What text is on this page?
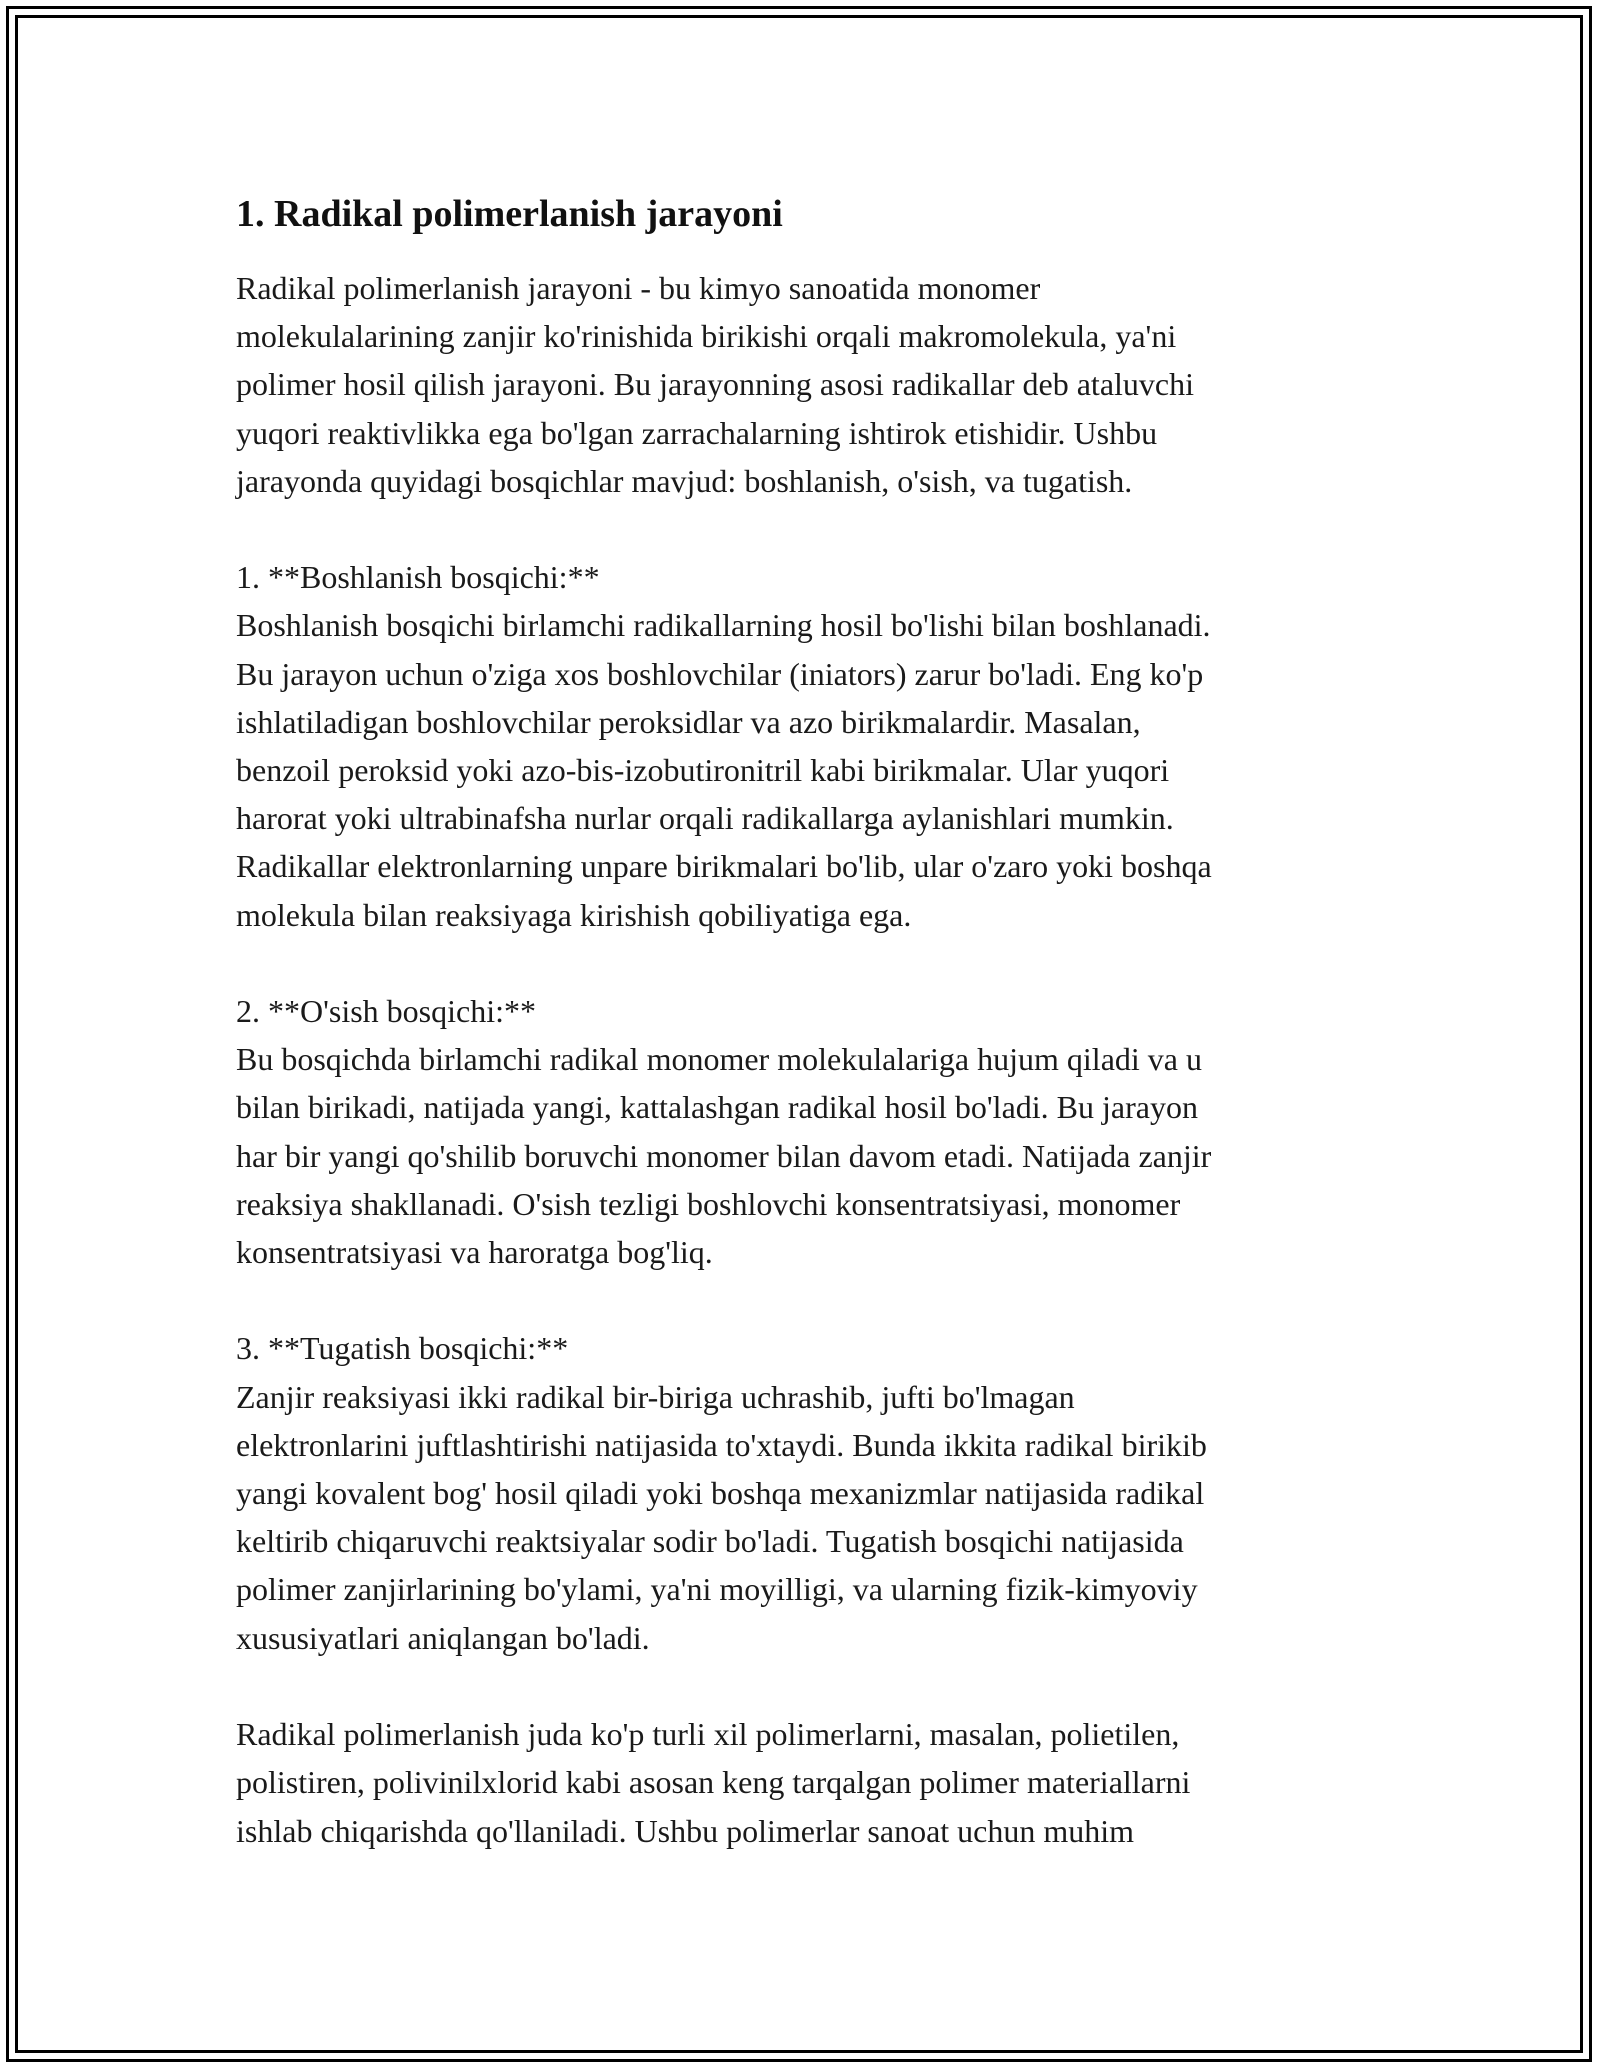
1. Radikal polimerlanish jarayoni

Radikal polimerlanish jarayoni - bu kimyo sanoatida monomer
molekulalarining zanjir ko'rinishida birikishi orqali makromolekula, ya'ni
polimer hosil qilish jarayoni. Bu jarayonning asosi radikallar deb ataluvchi
yuqori reaktivlikka ega bo'lgan zarrachalarning ishtirok etishidir. Ushbu
jarayonda quyidagi bosqichlar mavjud: boshlanish, o'sish, va tugatish.

1. **Boshlanish bosqichi:**
Boshlanish bosqichi birlamchi radikallarning hosil bo'lishi bilan boshlanadi.
Bu jarayon uchun o'ziga xos boshlovchilar (iniators) zarur bo'ladi. Eng ko'p
ishlatiladigan boshlovchilar peroksidlar va azo birikmalardir. Masalan,
benzoil peroksid yoki azo-bis-izobutironitril kabi birikmalar. Ular yuqori
harorat yoki ultrabinafsha nurlar orqali radikallarga aylanishlari mumkin.
Radikallar elektronlarning unpare birikmalari bo'lib, ular o'zaro yoki boshqa
molekula bilan reaksiyaga kirishish qobiliyatiga ega.

2. **O'sish bosqichi:**
Bu bosqichda birlamchi radikal monomer molekulalariga hujum qiladi va u
bilan birikadi, natijada yangi, kattalashgan radikal hosil bo'ladi. Bu jarayon
har bir yangi qo'shilib boruvchi monomer bilan davom etadi. Natijada zanjir
reaksiya shakllanadi. O'sish tezligi boshlovchi konsentratsiyasi, monomer
konsentratsiyasi va haroratga bog'liq.

3. **Tugatish bosqichi:**
Zanjir reaksiyasi ikki radikal bir-biriga uchrashib, jufti bo'lmagan
elektronlarini juftlashtirishi natijasida to'xtaydi. Bunda ikkita radikal birikib
yangi kovalent bog' hosil qiladi yoki boshqa mexanizmlar natijasida radikal
keltirib chiqaruvchi reaktsiyalar sodir bo'ladi. Tugatish bosqichi natijasida
polimer zanjirlarining bo'ylami, ya'ni moyilligi, va ularning fizik-kimyoviy
xususiyatlari aniqlangan bo'ladi.

Radikal polimerlanish juda ko'p turli xil polimerlarni, masalan, polietilen,
polistiren, polivinilxlorid kabi asosan keng tarqalgan polimer materiallarni
ishlab chiqarishda qo'llaniladi. Ushbu polimerlar sanoat uchun muhim
